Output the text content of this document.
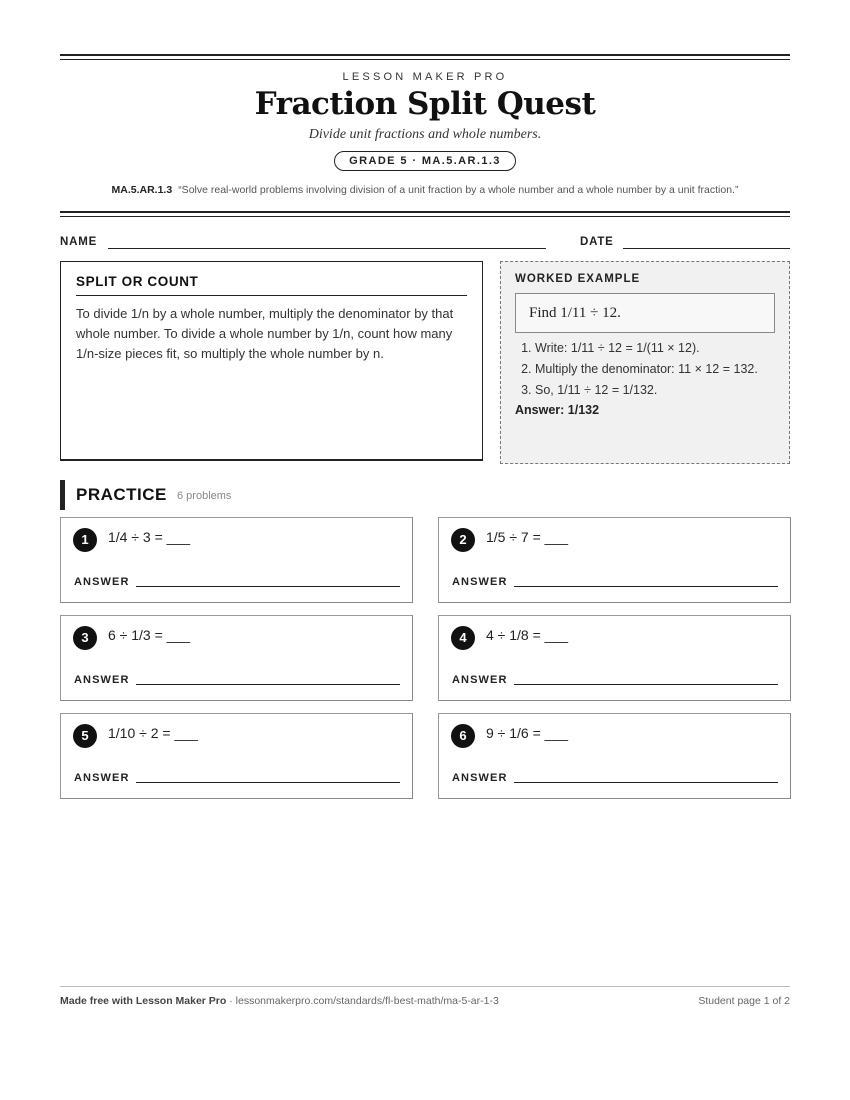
LESSON MAKER PRO
Fraction Split Quest
Divide unit fractions and whole numbers.
GRADE 5 · MA.5.AR.1.3
MA.5.AR.1.3 “Solve real-world problems involving division of a unit fraction by a whole number and a whole number by a unit fraction.”
NAME	DATE
SPLIT OR COUNT
To divide 1/n by a whole number, multiply the denominator by that whole number. To divide a whole number by 1/n, count how many 1/n-size pieces fit, so multiply the whole number by n.
WORKED EXAMPLE
Find 1/11 ÷ 12.
1. Write: 1/11 ÷ 12 = 1/(11 × 12).
2. Multiply the denominator: 11 × 12 = 132.
3. So, 1/11 ÷ 12 = 1/132.
Answer: 1/132
PRACTICE 6 problems
1	1/4 ÷ 3 = ___
ANSWER
2	1/5 ÷ 7 = ___
ANSWER
3	6 ÷ 1/3 = ___
ANSWER
4	4 ÷ 1/8 = ___
ANSWER
5	1/10 ÷ 2 = ___
ANSWER
6	9 ÷ 1/6 = ___
ANSWER
Made free with Lesson Maker Pro · lessonmakerpro.com/standards/fl-best-math/ma-5-ar-1-3	Student page 1 of 2
